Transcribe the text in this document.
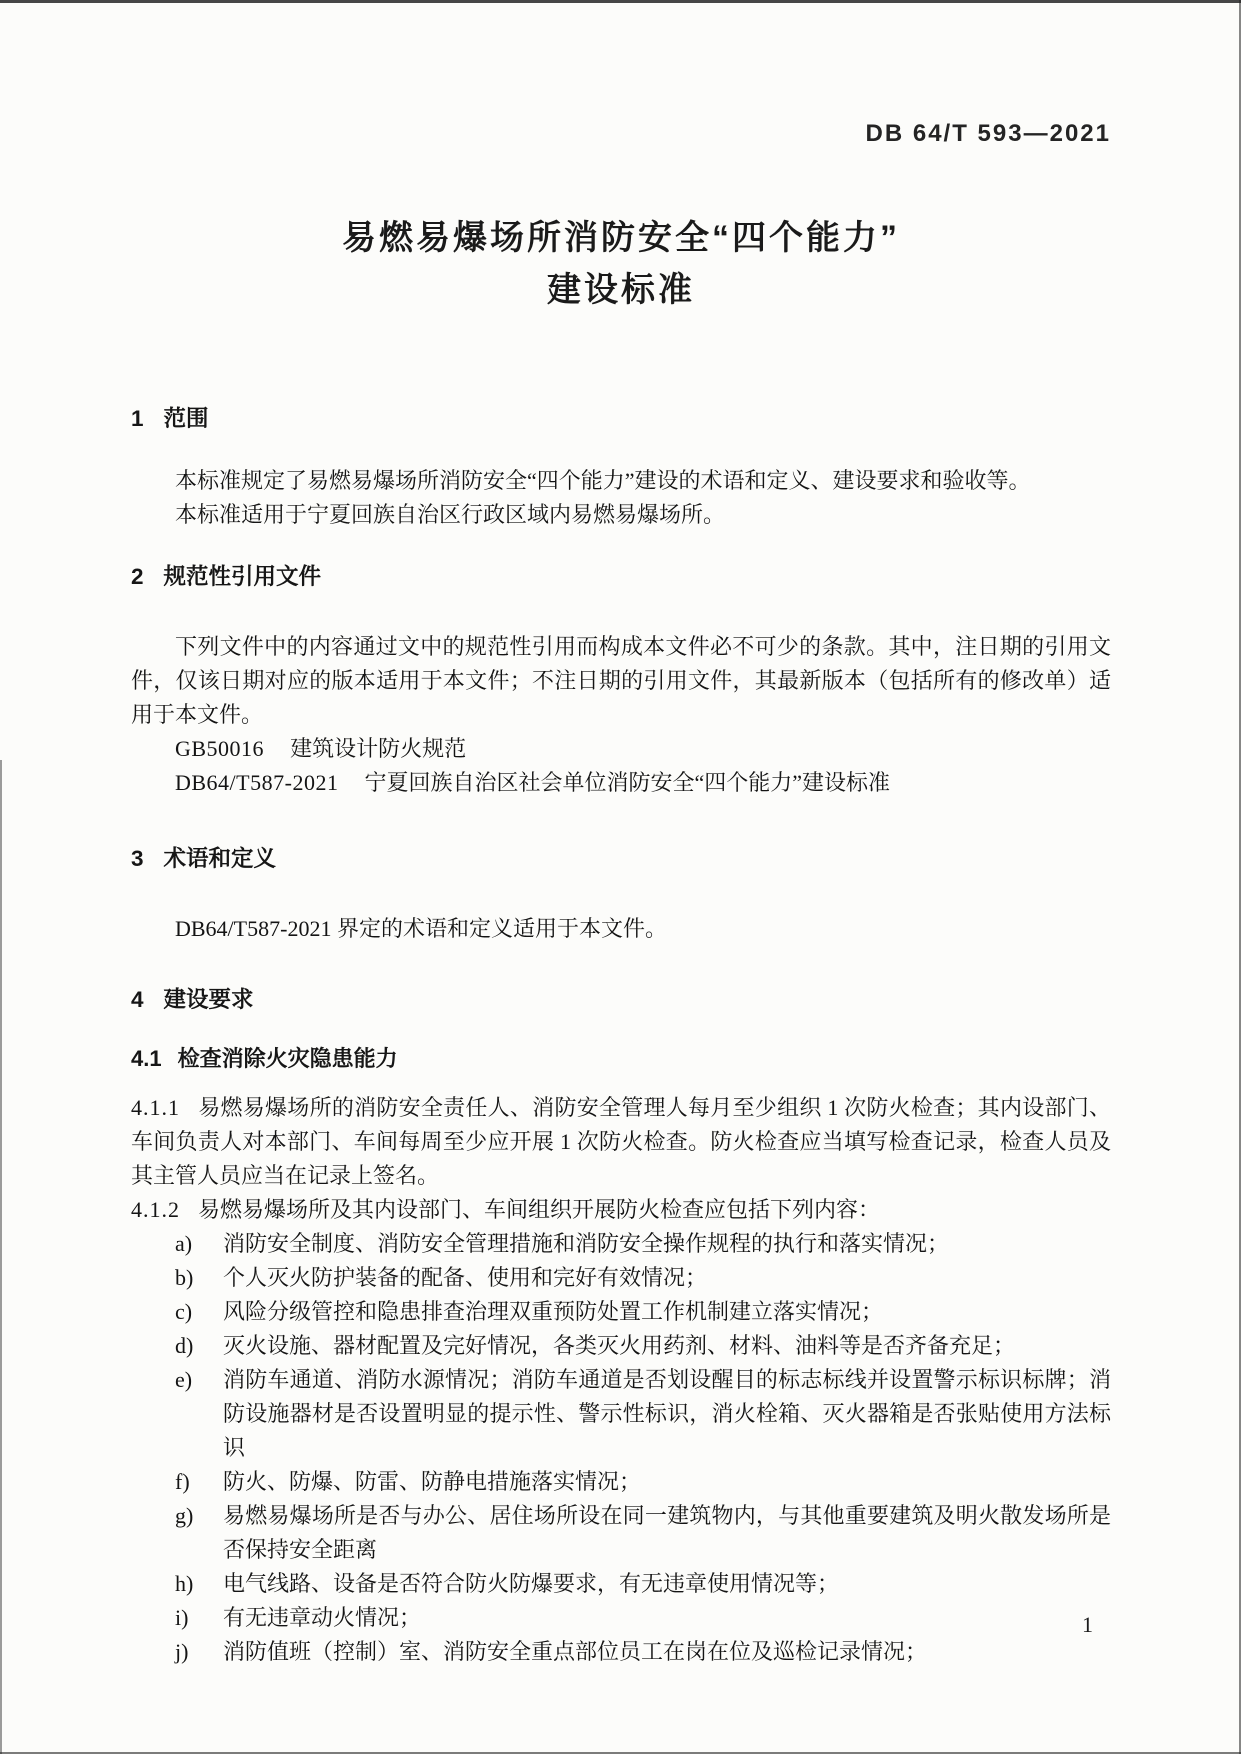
DB 64/T 593—2021
易燃易爆场所消防安全“四个能力”
建设标准
1 范围

本标准规定了易燃易爆场所消防安全“四个能力”建设的术语和定义、建设要求和验收等。

本标准适用于宁夏回族自治区行政区域内易燃易爆场所。

2 规范性引用文件

下列文件中的内容通过文中的规范性引用而构成本文件必不可少的条款。其中，注日期的引用文件，仅该日期对应的版本适用于本文件；不注日期的引用文件，其最新版本（包括所有的修改单）适用于本文件。

GB50016 建筑设计防火规范

DB64/T587-2021 宁夏回族自治区社会单位消防安全“四个能力”建设标准

3 术语和定义

DB64/T587-2021 界定的术语和定义适用于本文件。

4 建设要求
4.1 检查消除火灾隐患能力

4.1.1 易燃易爆场所的消防安全责任人、消防安全管理人每月至少组织 1 次防火检查；其内设部门、车间负责人对本部门、车间每周至少应开展 1 次防火检查。防火检查应当填写检查记录，检查人员及其主管人员应当在记录上签名。

4.1.2 易燃易爆场所及其内设部门、车间组织开展防火检查应包括下列内容：

a)	消防安全制度、消防安全管理措施和消防安全操作规程的执行和落实情况；
b)	个人灭火防护装备的配备、使用和完好有效情况；
c)	风险分级管控和隐患排查治理双重预防处置工作机制建立落实情况；
d)	灭火设施、器材配置及完好情况，各类灭火用药剂、材料、油料等是否齐备充足；
e)	消防车通道、消防水源情况；消防车通道是否划设醒目的标志标线并设置警示标识标牌；消防设施器材是否设置明显的提示性、警示性标识，消火栓箱、灭火器箱是否张贴使用方法标识
f)	防火、防爆、防雷、防静电措施落实情况；
g)	易燃易爆场所是否与办公、居住场所设在同一建筑物内，与其他重要建筑及明火散发场所是否保持安全距离
h)	电气线路、设备是否符合防火防爆要求，有无违章使用情况等；
i)	有无违章动火情况；
j)	消防值班（控制）室、消防安全重点部位员工在岗在位及巡检记录情况；
1
